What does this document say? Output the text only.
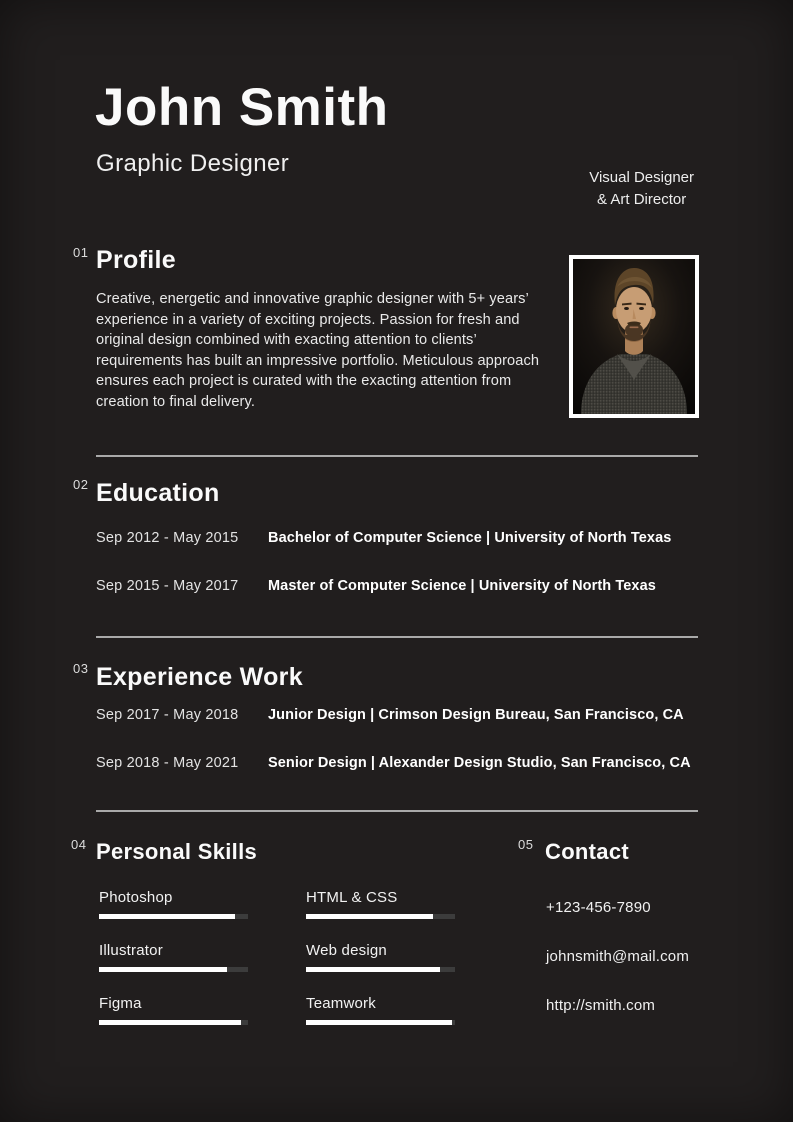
John Smith
Graphic Designer
Visual Designer
& Art Director
01 Profile
Creative, energetic and innovative graphic designer with 5+ years’ experience in a variety of exciting projects. Passion for fresh and original design combined with exacting attention to clients’ requirements has built an impressive portfolio. Meticulous approach ensures each project is curated with the exacting attention from creation to final delivery.
02 Education
Sep 2012 - May 2015	Bachelor of Computer Science | University of North Texas
Sep 2015 - May 2017	Master of Computer Science | University of North Texas
03 Experience Work
Sep 2017 - May 2018	Junior Design | Crimson Design Bureau, San Francisco, CA
Sep 2018 - May 2021	Senior Design | Alexander Design Studio, San Francisco, CA
04 Personal Skills
Photoshop
Illustrator
Figma
HTML & CSS
Web design
Teamwork
05 Contact
+123-456-7890
johnsmith@mail.com
http://smith.com
